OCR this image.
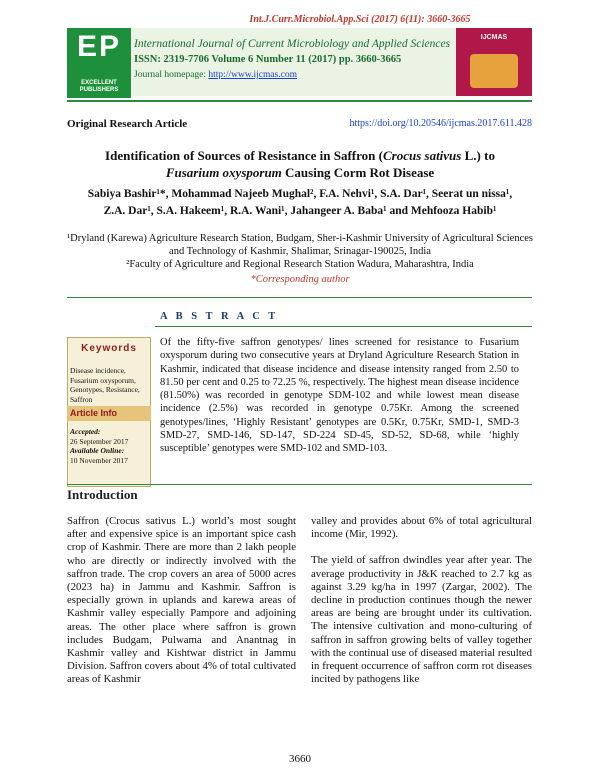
Int.J.Curr.Microbiol.App.Sci (2017) 6(11): 3660-3665
EP
EXCELLENT PUBLISHERS
IJCMAS
International Journal of Current Microbiology and Applied Sciences
ISSN: 2319-7706 Volume 6 Number 11 (2017) pp. 3660-3665
Journal homepage: http://www.ijcmas.com
Original Research Article	https://doi.org/10.20546/ijcmas.2017.611.428
Identification of Sources of Resistance in Saffron (Crocus sativus L.) to
Fusarium oxysporum Causing Corm Rot Disease
Sabiya Bashir¹*, Mohammad Najeeb Mughal², F.A. Nehvi¹, S.A. Dar¹, Seerat un nissa¹,
Z.A. Dar¹, S.A. Hakeem¹, R.A. Wani¹, Jahangeer A. Baba¹ and Mehfooza Habib¹
¹Dryland (Karewa) Agriculture Research Station, Budgam, Sher-i-Kashmir University of Agricultural Sciences and Technology of Kashmir, Shalimar, Srinagar-190025, India
²Faculty of Agriculture and Regional Research Station Wadura, Maharashtra, India
*Corresponding author
A B S T R A C T
Keywords
Disease incidence, Fusarium oxysporum, Genotypes, Resistance, Saffron
Article Info
Accepted:
26 September 2017
Available Online:
10 November 2017
Of the fifty-five saffron genotypes/ lines screened for resistance to Fusarium oxysporum during two consecutive years at Dryland Agriculture Research Station in Kashmir, indicated that disease incidence and disease intensity ranged from 2.50 to 81.50 per cent and 0.25 to 72.25 %, respectively. The highest mean disease incidence (81.50%) was recorded in genotype SDM-102 and while lowest mean disease incidence (2.5%) was recorded in genotype 0.75Kr. Among the screened genotypes/lines, ‘Highly Resistant’ genotypes are 0.5Kr, 0.75Kr, SMD-1, SMD-3 SMD-27, SMD-146, SD-147, SD-224 SD-45, SD-52, SD-68, while ‘highly susceptible’ genotypes were SMD-102 and SMD-103.
Introduction

Saffron (Crocus sativus L.) world’s most sought after and expensive spice is an important spice cash crop of Kashmir. There are more than 2 lakh people who are directly or indirectly involved with the saffron trade. The crop covers an area of 5000 acres (2023 ha) in Jammu and Kashmir. Saffron is especially grown in uplands and karewa areas of Kashmir valley especially Pampore and adjoining areas. The other place where saffron is grown includes Budgam, Pulwama and Anantnag in Kashmir valley and Kishtwar district in Jammu Division. Saffron covers about 4% of total cultivated areas of Kashmir

valley and provides about 6% of total agricultural income (Mir, 1992).

The yield of saffron dwindles year after year. The average productivity in J&K reached to 2.7 kg as against 3.29 kg/ha in 1997 (Zargar, 2002). The decline in production continues though the newer areas are being are brought under its cultivation. The intensive cultivation and mono-culturing of saffron in saffron growing belts of valley together with the continual use of diseased material resulted in frequent occurrence of saffron corm rot diseases incited by pathogens like

3660
